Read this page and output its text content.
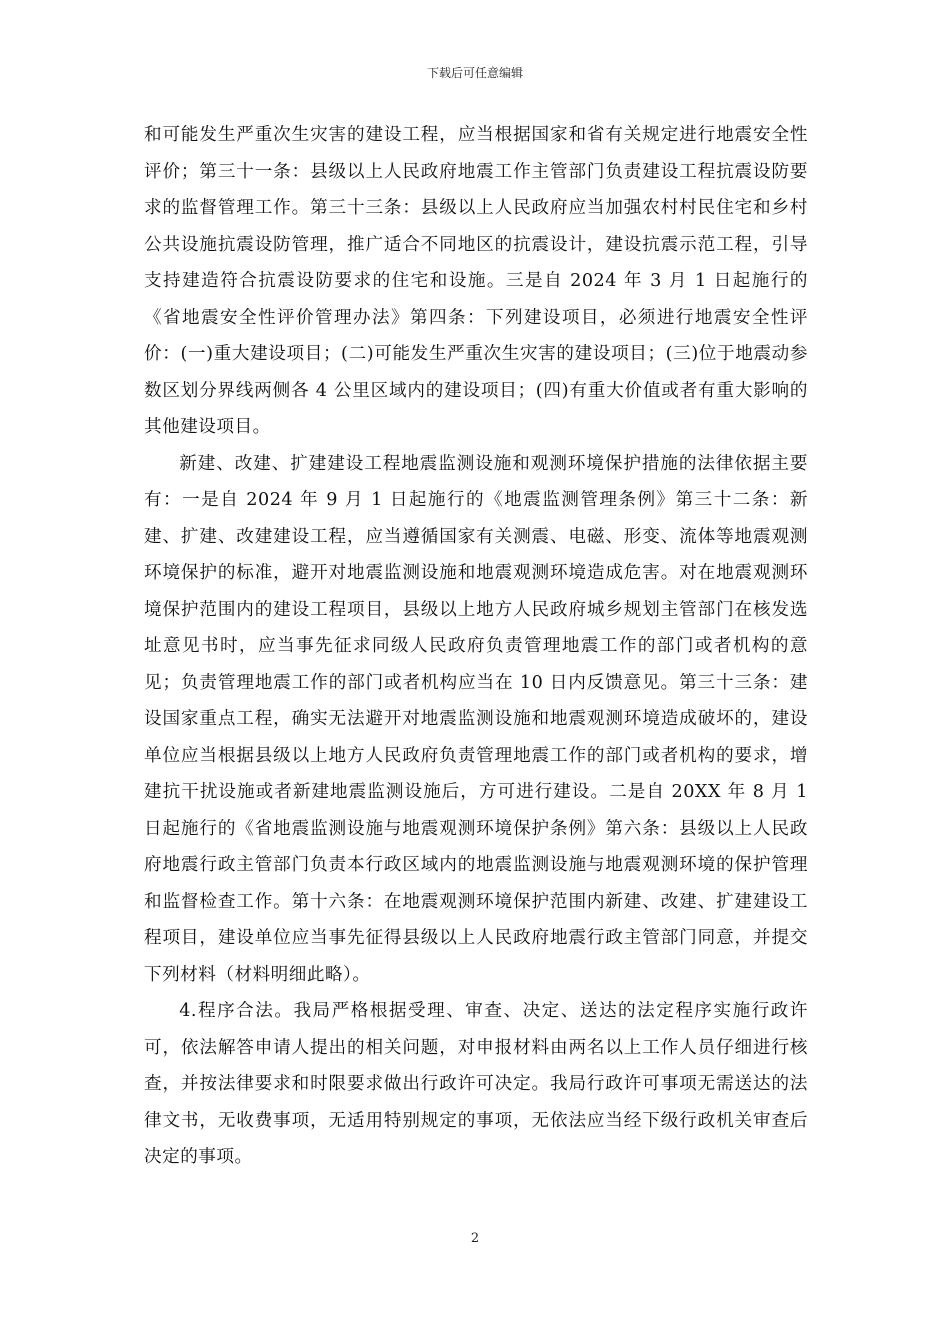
下载后可任意编辑

和可能发生严重次生灾害的建设工程，应当根据国家和省有关规定进行地震安全性评价；第三十一条：县级以上人民政府地震工作主管部门负责建设工程抗震设防要求的监督管理工作。第三十三条：县级以上人民政府应当加强农村村民住宅和乡村公共设施抗震设防管理，推广适合不同地区的抗震设计，建设抗震示范工程，引导支持建造符合抗震设防要求的住宅和设施。三是自 2024 年 3 月 1 日起施行的《省地震安全性评价管理办法》第四条：下列建设项目，必须进行地震安全性评价：(一)重大建设项目；(二)可能发生严重次生灾害的建设项目；(三)位于地震动参数区划分界线两侧各 4 公里区域内的建设项目；(四)有重大价值或者有重大影响的其他建设项目。

新建、改建、扩建建设工程地震监测设施和观测环境保护措施的法律依据主要有：一是自 2024 年 9 月 1 日起施行的《地震监测管理条例》第三十二条：新建、扩建、改建建设工程，应当遵循国家有关测震、电磁、形变、流体等地震观测环境保护的标准，避开对地震监测设施和地震观测环境造成危害。对在地震观测环境保护范围内的建设工程项目，县级以上地方人民政府城乡规划主管部门在核发选址意见书时，应当事先征求同级人民政府负责管理地震工作的部门或者机构的意见；负责管理地震工作的部门或者机构应当在 10 日内反馈意见。第三十三条：建设国家重点工程，确实无法避开对地震监测设施和地震观测环境造成破坏的，建设单位应当根据县级以上地方人民政府负责管理地震工作的部门或者机构的要求，增建抗干扰设施或者新建地震监测设施后，方可进行建设。二是自 20XX 年 8 月 1 日起施行的《省地震监测设施与地震观测环境保护条例》第六条：县级以上人民政府地震行政主管部门负责本行政区域内的地震监测设施与地震观测环境的保护管理和监督检查工作。第十六条：在地震观测环境保护范围内新建、改建、扩建建设工程项目，建设单位应当事先征得县级以上人民政府地震行政主管部门同意，并提交下列材料（材料明细此略）。

4.程序合法。我局严格根据受理、审查、决定、送达的法定程序实施行政许可，依法解答申请人提出的相关问题，对申报材料由两名以上工作人员仔细进行核查，并按法律要求和时限要求做出行政许可决定。我局行政许可事项无需送达的法律文书，无收费事项，无适用特别规定的事项，无依法应当经下级行政机关审查后决定的事项。

2
